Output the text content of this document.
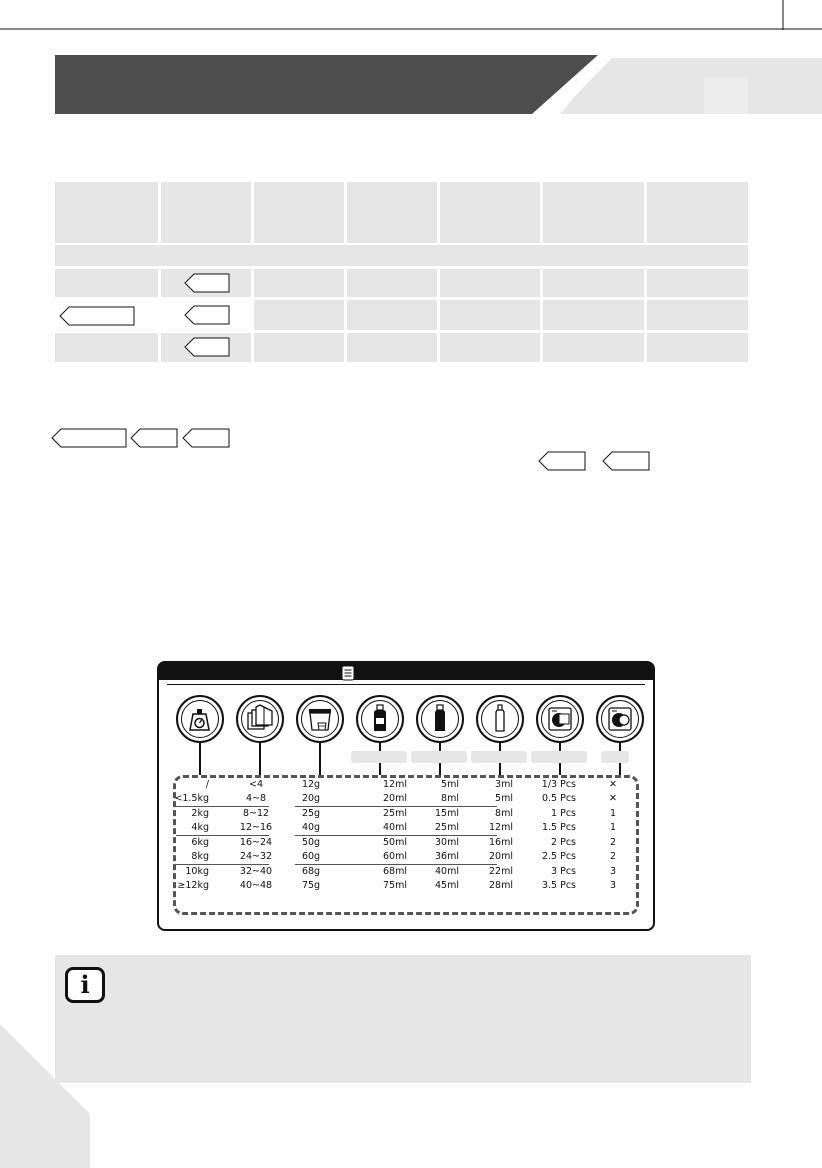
/	<4	12g	12ml	5ml	3ml	1/3 Pcs	✕
<1.5kg	4~8	20g	20ml	8ml	5ml	0.5 Pcs	✕
2kg	8~12	25g	25ml	15ml	8ml	1 Pcs	1
4kg	12~16	40g	40ml	25ml	12ml	1.5 Pcs	1
6kg	16~24	50g	50ml	30ml	16ml	2 Pcs	2
8kg	24~32	60g	60ml	36ml	20ml	2.5 Pcs	2
10kg	32~40	68g	68ml	40ml	22ml	3 Pcs	3
≥12kg	40~48	75g	75ml	45ml	28ml	3.5 Pcs	3
i
